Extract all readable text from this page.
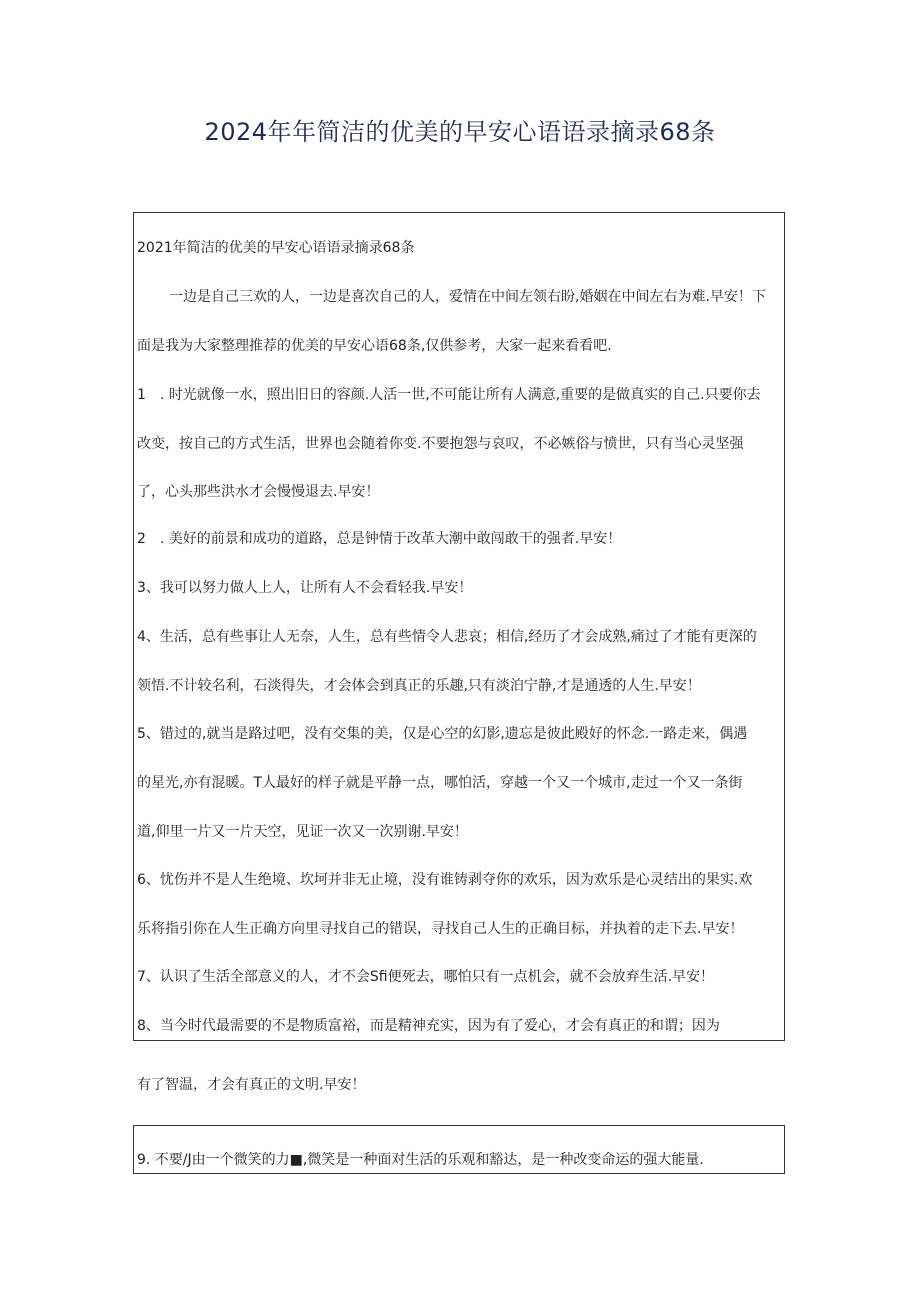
2024年年简洁的优美的早安心语语录摘录68条
2021年简洁的优美的早安心语语录摘录68条
一边是自己三欢的人，一边是喜次自己的人，爱情在中间左领右盼,婚姻在中间左右为难.早安！下
面是我为大家整理推荐的优美的早安心语68条,仅供参考，大家一起来看看吧.
1　. 时光就像一水，照出旧日的容颜.人活一世,不可能让所有人满意,重要的是做真实的自己.只要你去
改变，按自己的方式生活，世界也会随着你变.不要抱怨与哀叹，不必嫉俗与愤世，只有当心灵坚强
了，心头那些洪水才会慢慢退去.早安！
2　. 美好的前景和成功的道路，总是钟情于改革大潮中敢闯敢干的强者.早安！
3、我可以努力做人上人，让所有人不会看轻我.早安！
4、生活，总有些事让人无奈，人生，总有些情令人悲哀；相信,经历了才会成熟,痛过了才能有更深的
领悟.不计较名利，石淡得失，才会体会到真正的乐趣,只有淡泊宁静,才是通透的人生.早安！
5、错过的,就当是路过吧，没有交集的美，仅是心空的幻影,遗忘是彼此殿好的怀念.一路走来，偶遇
的星光,亦有混暖。T人最好的样子就是平静一点，哪怕活，穿越一个又一个城市,走过一个又一条街
道,仰里一片又一片天空，见证一次又一次别谢.早安！
6、忧伤并不是人生绝境、坎坷并非无止境，没有谁铸剥夺你的欢乐，因为欢乐是心灵结出的果实.欢
乐将指引你在人生正确方向里寻找自己的错误，寻找自己人生的正确目标，并执着的走下去.早安！
7、认识了生活全部意义的人，才不会Sfi便死去，哪怕只有一点机会，就不会放弃生活.早安！
8、当今时代最需要的不是物质富裕，而是精神充实，因为有了爱心，才会有真正的和谓；因为
有了智温，才会有真正的文明.早安！
9. 不要/J由一个微笑的力■,微笑是一种面对生活的乐观和豁达，是一种改变命运的强大能量.
